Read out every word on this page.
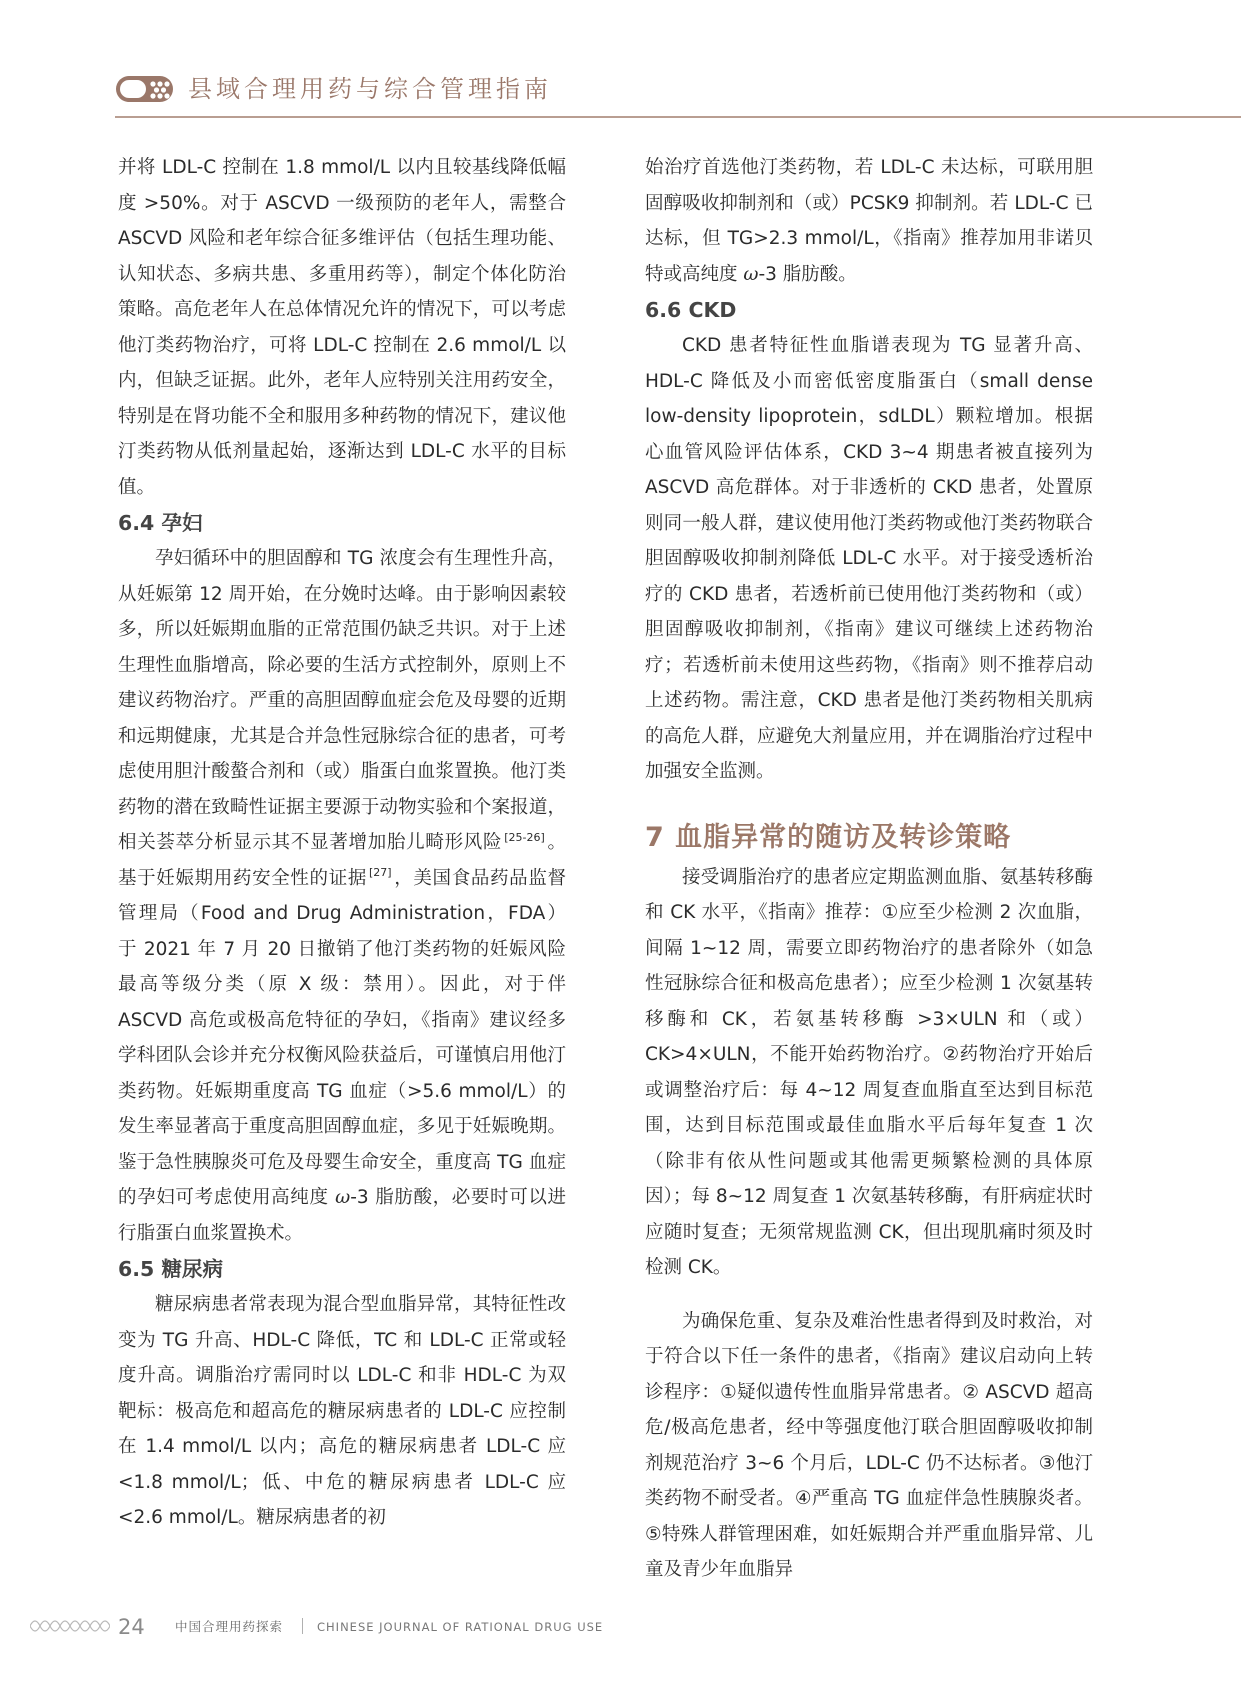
县域合理用药与综合管理指南

并将 LDL-C 控制在 1.8 mmol/L 以内且较基线降低幅度 >50%。对于 ASCVD 一级预防的老年人，需整合 ASCVD 风险和老年综合征多维评估（包括生理功能、认知状态、多病共患、多重用药等），制定个体化防治策略。高危老年人在总体情况允许的情况下，可以考虑他汀类药物治疗，可将 LDL-C 控制在 2.6 mmol/L 以内，但缺乏证据。此外，老年人应特别关注用药安全，特别是在肾功能不全和服用多种药物的情况下，建议他汀类药物从低剂量起始，逐渐达到 LDL-C 水平的目标值。

6.4 孕妇

孕妇循环中的胆固醇和 TG 浓度会有生理性升高，从妊娠第 12 周开始，在分娩时达峰。由于影响因素较多，所以妊娠期血脂的正常范围仍缺乏共识。对于上述生理性血脂增高，除必要的生活方式控制外，原则上不建议药物治疗。严重的高胆固醇血症会危及母婴的近期和远期健康，尤其是合并急性冠脉综合征的患者，可考虑使用胆汁酸螯合剂和（或）脂蛋白血浆置换。他汀类药物的潜在致畸性证据主要源于动物实验和个案报道，相关荟萃分析显示其不显著增加胎儿畸形风险 [25-26] 。基于妊娠期用药安全性的证据 [27] ，美国食品药品监督管理局（Food and Drug Administration，FDA） 于 2021 年 7 月 20 日撤销了他汀类药物的妊娠风险最高等级分类（原 X 级：禁用）。因此，对于伴 ASCVD 高危或极高危特征的孕妇，《指南》建议经多学科团队会诊并充分权衡风险获益后，可谨慎启用他汀类药物。妊娠期重度高 TG 血症（>5.6 mmol/L）的发生率显著高于重度高胆固醇血症，多见于妊娠晚期。鉴于急性胰腺炎可危及母婴生命安全，重度高 TG 血症的孕妇可考虑使用高纯度 ω-3 脂肪酸，必要时可以进行脂蛋白血浆置换术。

6.5 糖尿病

糖尿病患者常表现为混合型血脂异常，其特征性改变为 TG 升高、HDL-C 降低，TC 和 LDL-C 正常或轻度升高。调脂治疗需同时以 LDL-C 和非 HDL-C 为双靶标：极高危和超高危的糖尿病患者的 LDL-C 应控制在 1.4 mmol/L 以内；高危的糖尿病患者 LDL-C 应 <1.8 mmol/L；低、中危的糖尿病患者 LDL-C 应 <2.6 mmol/L。糖尿病患者的初

始治疗首选他汀类药物，若 LDL-C 未达标，可联用胆固醇吸收抑制剂和（或）PCSK9 抑制剂。若 LDL-C 已达标，但 TG>2.3 mmol/L，《指南》推荐加用非诺贝特或高纯度 ω-3 脂肪酸。

6.6 CKD

CKD 患者特征性血脂谱表现为 TG 显著升高、HDL-C 降低及小而密低密度脂蛋白（small dense low-density lipoprotein，sdLDL）颗粒增加。根据心血管风险评估体系，CKD 3~4 期患者被直接列为 ASCVD 高危群体。对于非透析的 CKD 患者，处置原则同一般人群，建议使用他汀类药物或他汀类药物联合胆固醇吸收抑制剂降低 LDL-C 水平。对于接受透析治疗的 CKD 患者，若透析前已使用他汀类药物和（或）胆固醇吸收抑制剂，《指南》建议可继续上述药物治疗；若透析前未使用这些药物，《指南》则不推荐启动上述药物。需注意，CKD 患者是他汀类药物相关肌病的高危人群，应避免大剂量应用，并在调脂治疗过程中加强安全监测。

7 血脂异常的随访及转诊策略

接受调脂治疗的患者应定期监测血脂、氨基转移酶和 CK 水平，《指南》推荐：①应至少检测 2 次血脂，间隔 1~12 周，需要立即药物治疗的患者除外（如急性冠脉综合征和极高危患者）；应至少检测 1 次氨基转移酶和 CK，若氨基转移酶 >3×ULN 和（或）CK>4×ULN，不能开始药物治疗。②药物治疗开始后或调整治疗后：每 4~12 周复查血脂直至达到目标范围，达到目标范围或最佳血脂水平后每年复查 1 次（除非有依从性问题或其他需更频繁检测的具体原因）；每 8~12 周复查 1 次氨基转移酶，有肝病症状时应随时复查；无须常规监测 CK，但出现肌痛时须及时检测 CK。

为确保危重、复杂及难治性患者得到及时救治，对于符合以下任一条件的患者，《指南》建议启动向上转诊程序：①疑似遗传性血脂异常患者。② ASCVD 超高危/极高危患者，经中等强度他汀联合胆固醇吸收抑制剂规范治疗 3~6 个月后，LDL-C 仍不达标者。③他汀类药物不耐受者。④严重高 TG 血症伴急性胰腺炎者。⑤特殊人群管理困难，如妊娠期合并严重血脂异常、儿童及青少年血脂异

24 中国合理用药探索	CHINESE JOURNAL OF RATIONAL DRUG USE
